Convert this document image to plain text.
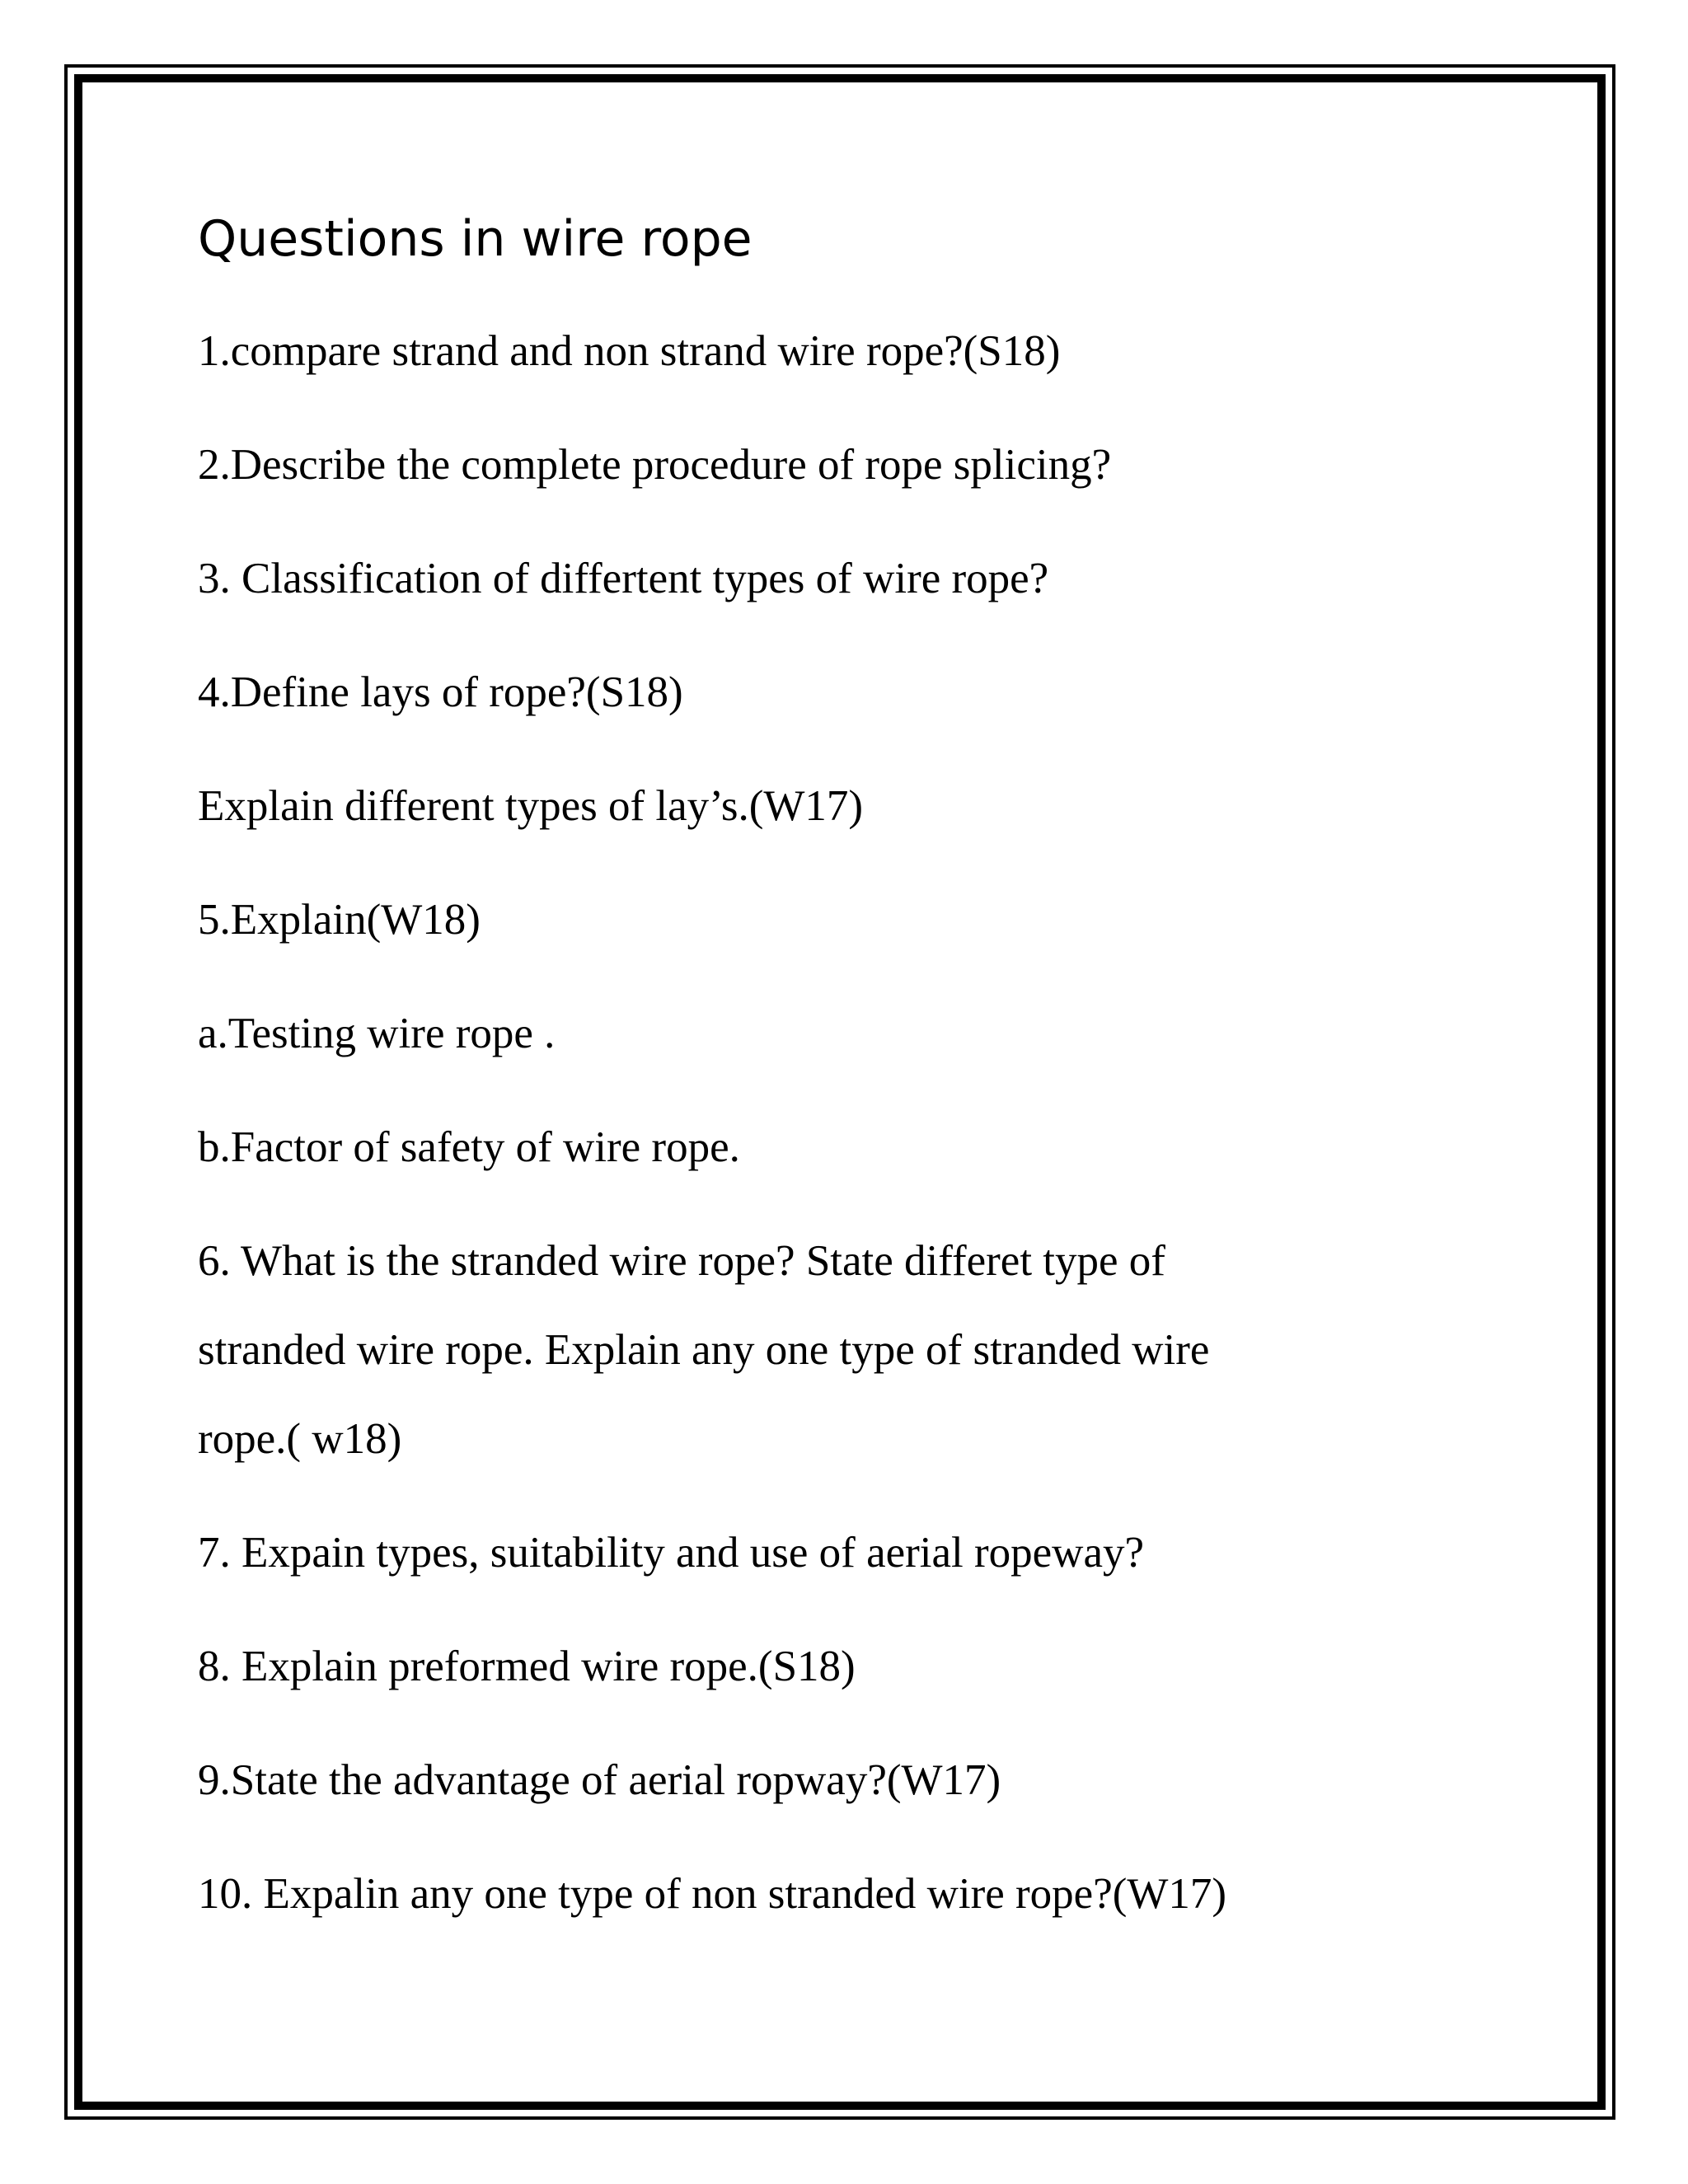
Questions in wire rope

1.compare strand and non strand wire rope?(S18)

2.Describe the complete procedure of rope splicing?

3. Classification of differtent types of wire rope?

4.Define lays of rope?(S18)

Explain different types of lay’s.(W17)

5.Explain(W18)

a.Testing wire rope .

b.Factor of safety of wire rope.

6. What is the stranded wire rope? State differet type of

stranded wire rope. Explain any one type of stranded wire

rope.( w18)

7. Expain types, suitability and use of aerial ropeway?

8. Explain preformed wire rope.(S18)

9.State the advantage of aerial ropway?(W17)

10. Expalin any one type of non stranded wire rope?(W17)
